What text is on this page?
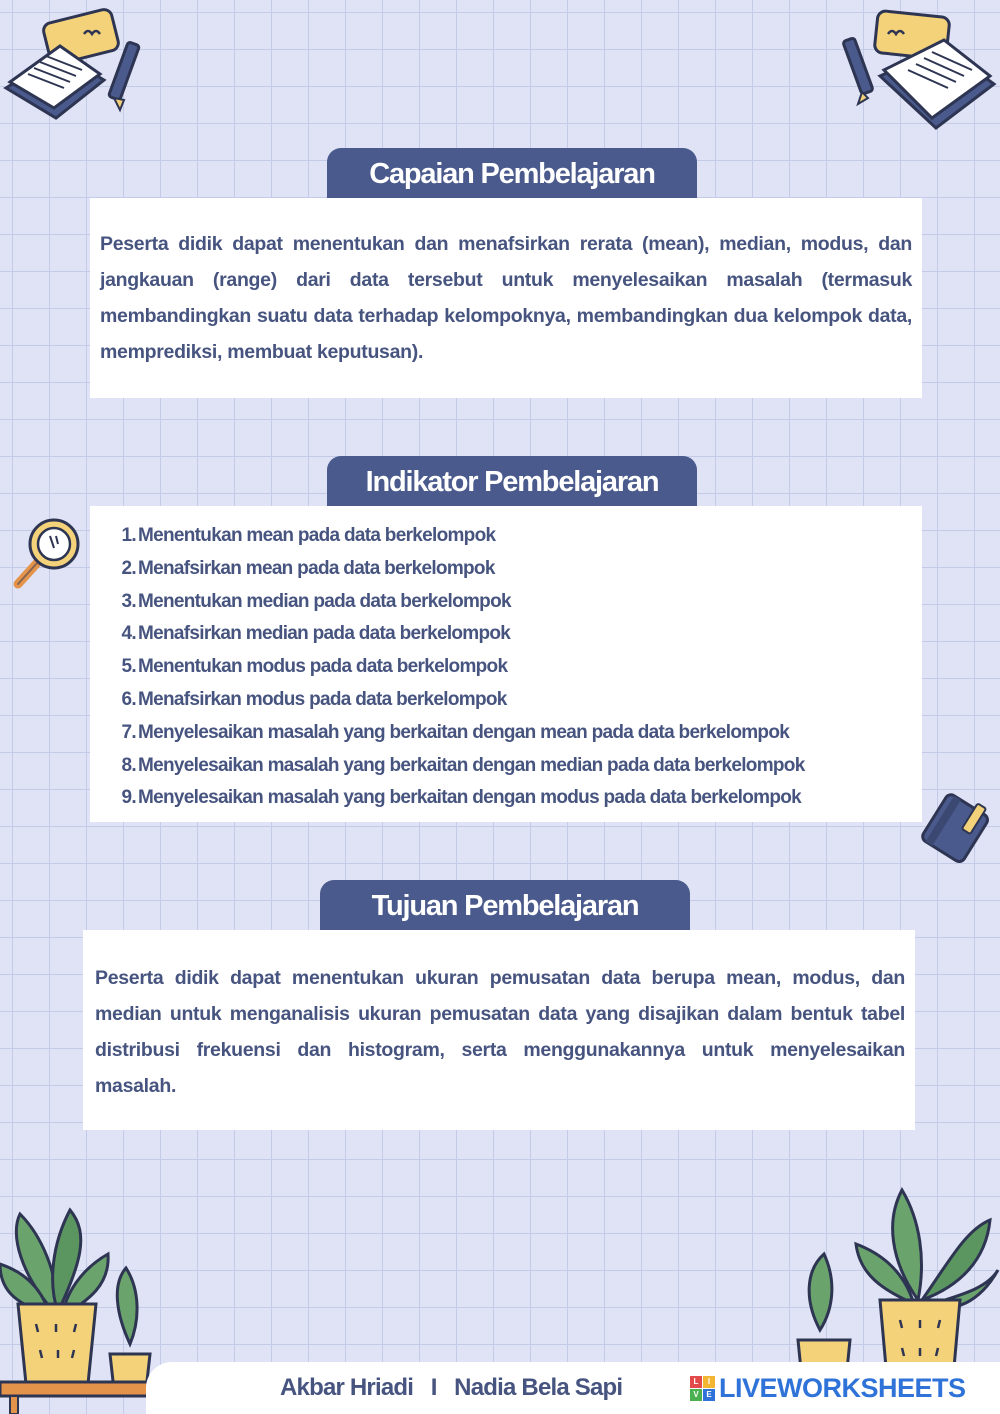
Capaian Pembelajaran

Peserta didik dapat menentukan dan menafsirkan rerata (mean), median, modus, dan jangkauan (range) dari data tersebut untuk menyelesaikan masalah (termasuk membandingkan suatu data terhadap kelompoknya, membandingkan dua kelompok data, memprediksi, membuat keputusan).

Indikator Pembelajaran
1. Menentukan mean pada data berkelompok
2. Menafsirkan mean pada data berkelompok
3. Menentukan median pada data berkelompok
4. Menafsirkan median pada data berkelompok
5. Menentukan modus pada data berkelompok
6. Menafsirkan modus pada data berkelompok
7. Menyelesaikan masalah yang berkaitan dengan mean pada data berkelompok
8. Menyelesaikan masalah yang berkaitan dengan median pada data berkelompok
9. Menyelesaikan masalah yang berkaitan dengan modus pada data berkelompok
Tujuan Pembelajaran

Peserta didik dapat menentukan ukuran pemusatan data berupa mean, modus, dan median untuk menganalisis ukuran pemusatan data yang disajikan dalam bentuk tabel distribusi frekuensi dan histogram, serta menggunakannya untuk menyelesaikan masalah.

Akbar Hriadi   I   Nadia Bela Sapi	L	I
V E LIVEWORKSHEETS
